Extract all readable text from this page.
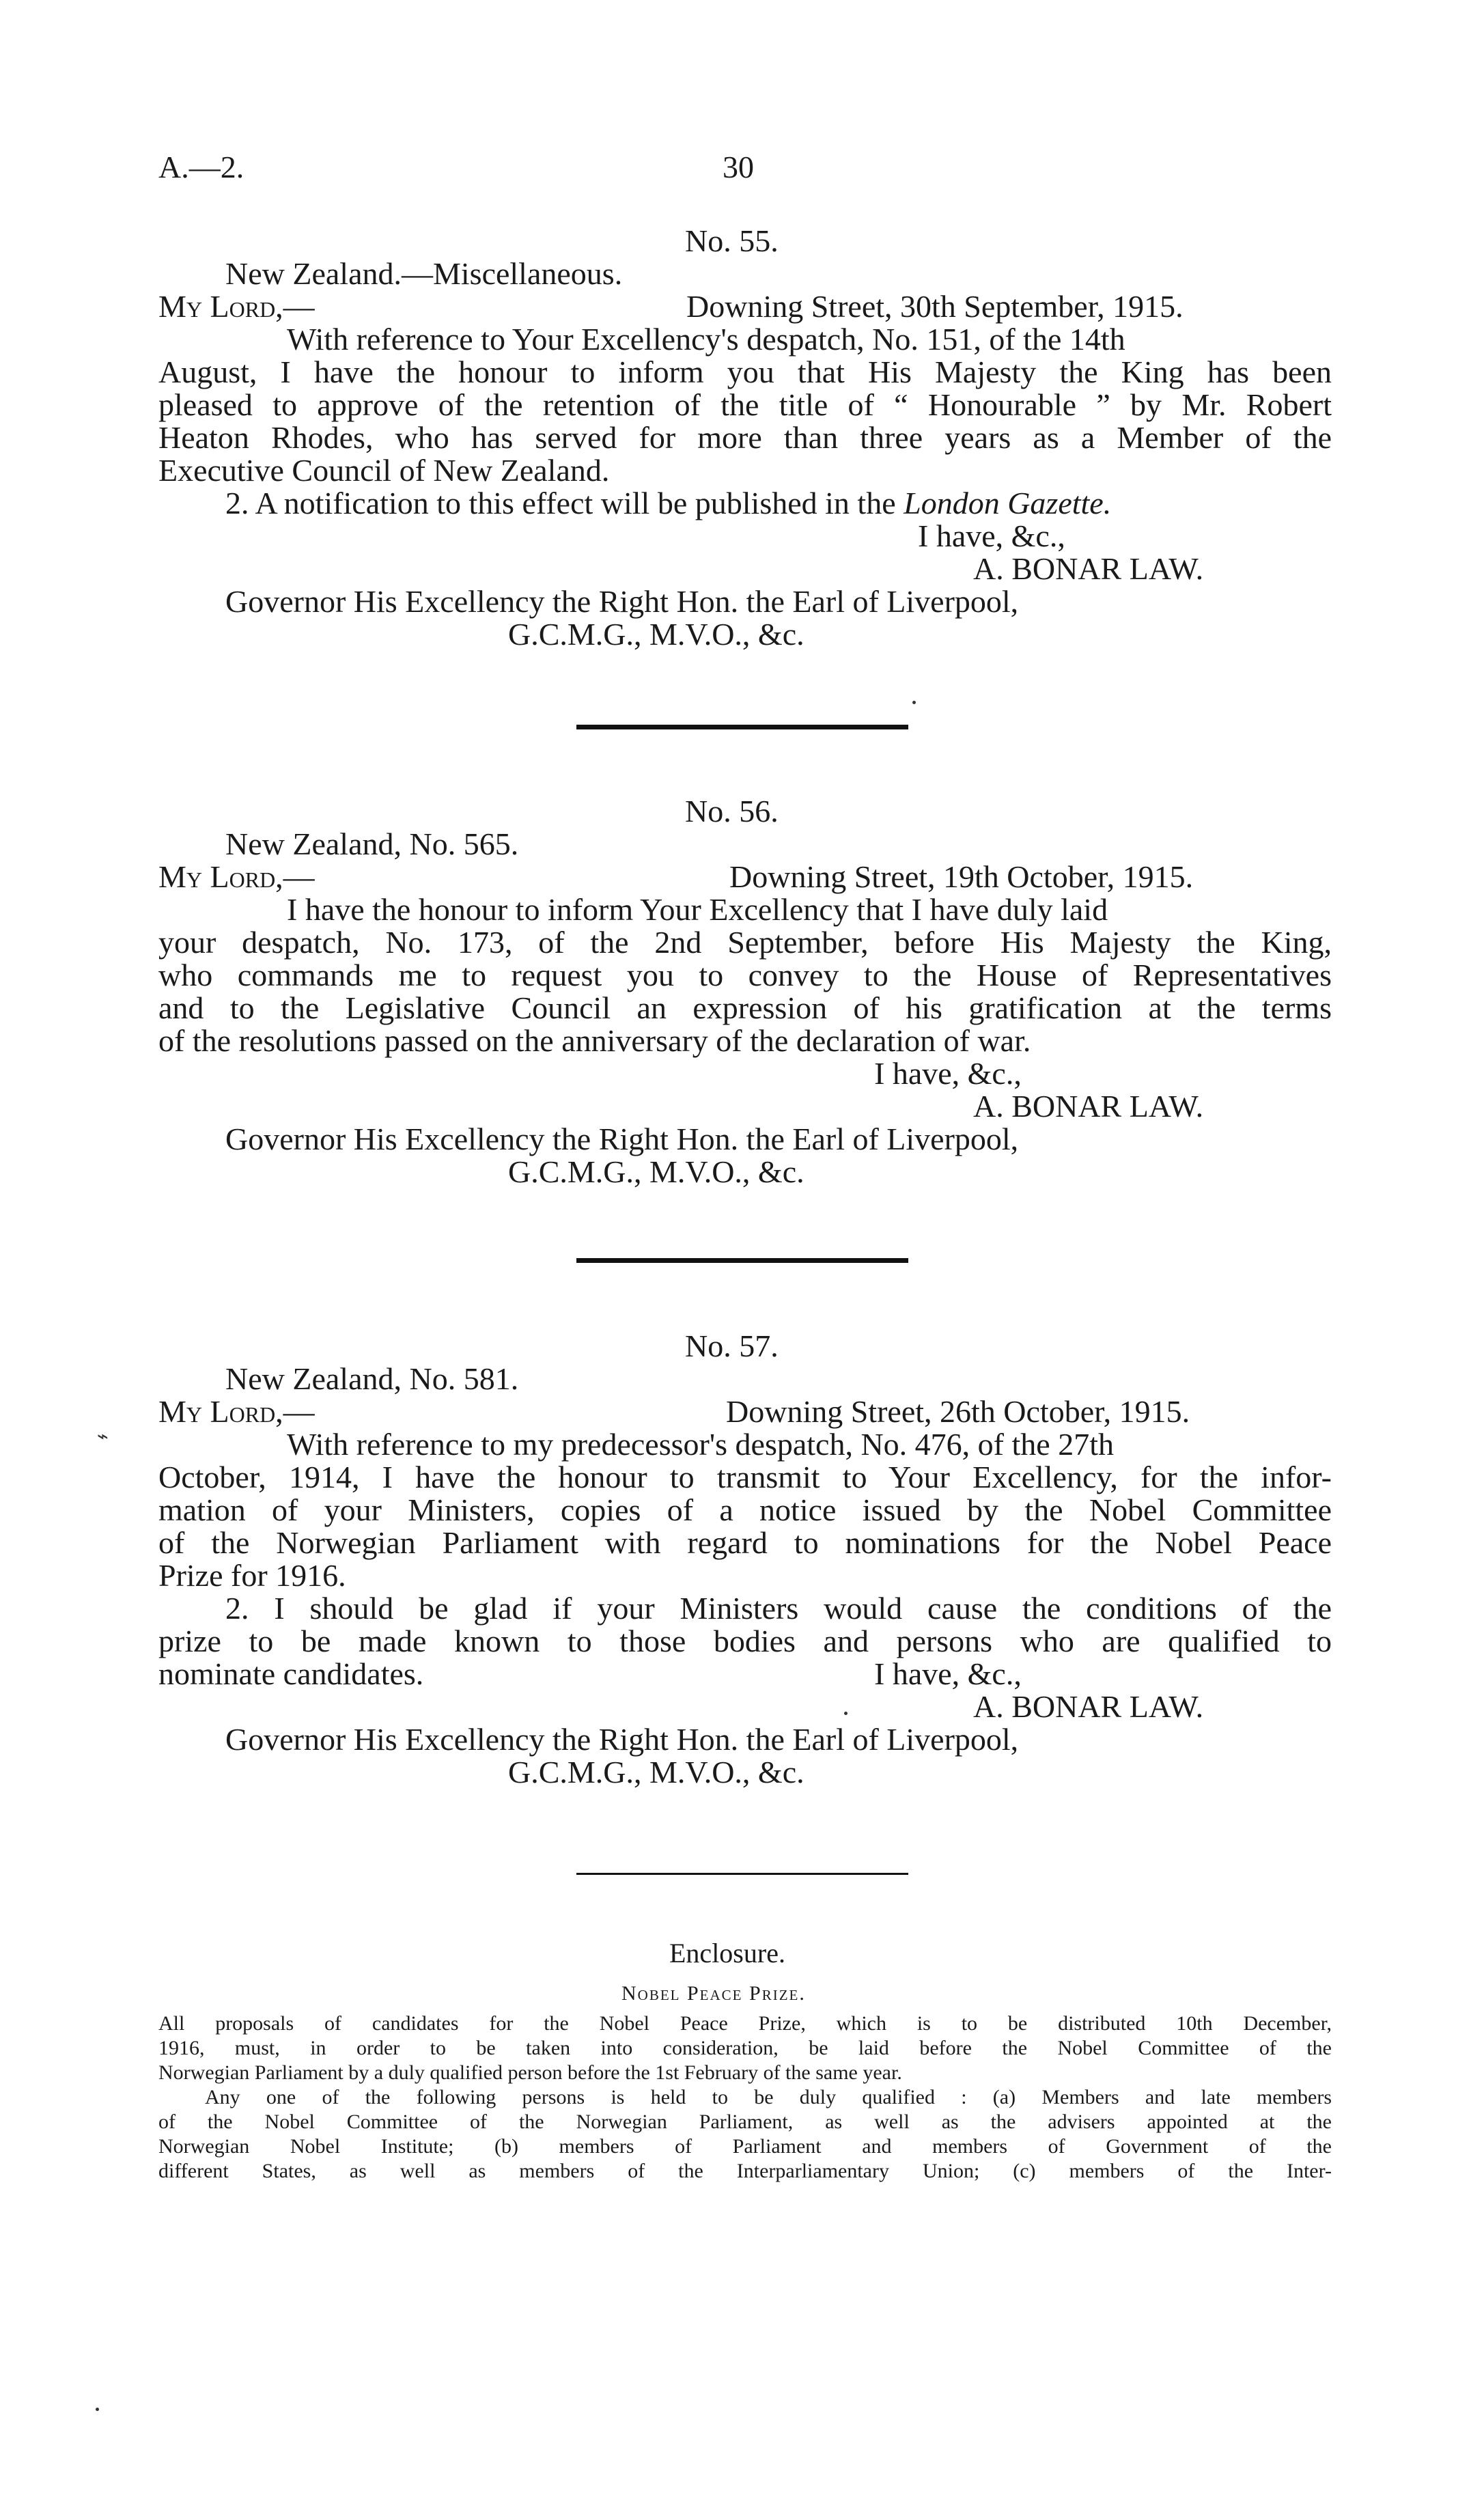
A.—2.	30
No. 55.
New Zealand.—Miscellaneous.
My Lord,—	Downing Street, 30th September, 1915.
With reference to Your Excellency's despatch, No. 151, of the 14th
August, I have the honour to inform you that His Majesty the King has been
pleased to approve of the retention of the title of “ Honourable ” by Mr. Robert
Heaton Rhodes, who has served for more than three years as a Member of the
Executive Council of New Zealand.
2. A notification to this effect will be published in the London Gazette.
I have, &c.,
A. BONAR LAW.
Governor His Excellency the Right Hon. the Earl of Liverpool,
G.C.M.G., M.V.O., &c.
No. 56.
New Zealand, No. 565.
My Lord,—	Downing Street, 19th October, 1915.
I have the honour to inform Your Excellency that I have duly laid
your despatch, No. 173, of the 2nd September, before His Majesty the King,
who commands me to request you to convey to the House of Representatives
and to the Legislative Council an expression of his gratification at the terms
of the resolutions passed on the anniversary of the declaration of war.
I have, &c.,
A. BONAR LAW.
Governor His Excellency the Right Hon. the Earl of Liverpool,
G.C.M.G., M.V.O., &c.
No. 57.
New Zealand, No. 581.
⌁
My Lord,—	Downing Street, 26th October, 1915.
With reference to my predecessor's despatch, No. 476, of the 27th
October, 1914, I have the honour to transmit to Your Excellency, for the infor-
mation of your Ministers, copies of a notice issued by the Nobel Committee
of the Norwegian Parliament with regard to nominations for the Nobel Peace
Prize for 1916.
2. I should be glad if your Ministers would cause the conditions of the
prize to be made known to those bodies and persons who are qualified to
nominate candidates.	I have, &c.,
A. BONAR LAW.
Governor His Excellency the Right Hon. the Earl of Liverpool,
G.C.M.G., M.V.O., &c.
Enclosure.
Nobel Peace Prize.
All proposals of candidates for the Nobel Peace Prize, which is to be distributed 10th December,
1916, must, in order to be taken into consideration, be laid before the Nobel Committee of the
Norwegian Parliament by a duly qualified person before the 1st February of the same year.
Any one of the following persons is held to be duly qualified : (a) Members and late members
of the Nobel Committee of the Norwegian Parliament, as well as the advisers appointed at the
Norwegian Nobel Institute; (b) members of Parliament and members of Government of the
different States, as well as members of the Interparliamentary Union; (c) members of the Inter-
